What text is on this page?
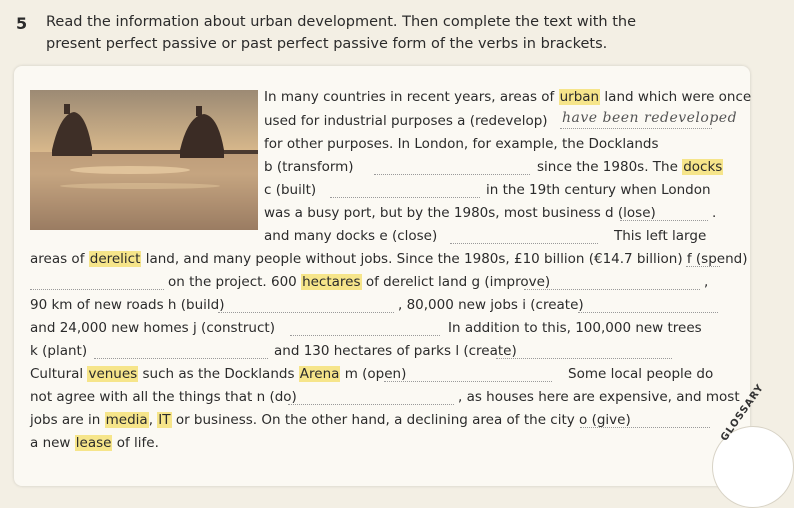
5 Read the information about urban development. Then complete the text with the
present perfect passive or past perfect passive form of the verbs in brackets.
In many countries in recent years, areas of urban land which were once
used for industrial purposes a (redevelop) have been redeveloped
for other purposes. In London, for example, the Docklands
b (transform)	since the 1980s. The docks
c (built)	in the 19th century when London
was a busy port, but by the 1980s, most business d (lose)	.
and many docks e (close)	This left large
areas of derelict land, and many people without jobs. Since the 1980s, £10 billion (€14.7 billion) f (spend)
on the project. 600 hectares of derelict land g (improve)	,
90 km of new roads h (build)	, 80,000 new jobs i (create)
and 24,000 new homes j (construct)	In addition to this, 100,000 new trees
k (plant)	and 130 hectares of parks l (create)
Cultural venues such as the Docklands Arena m (open)	Some local people do
not agree with all the things that n (do)	, as houses here are expensive, and most
jobs are in media, IT or business. On the other hand, a declining area of the city o (give)
a new lease of life.	GLOSSARY
